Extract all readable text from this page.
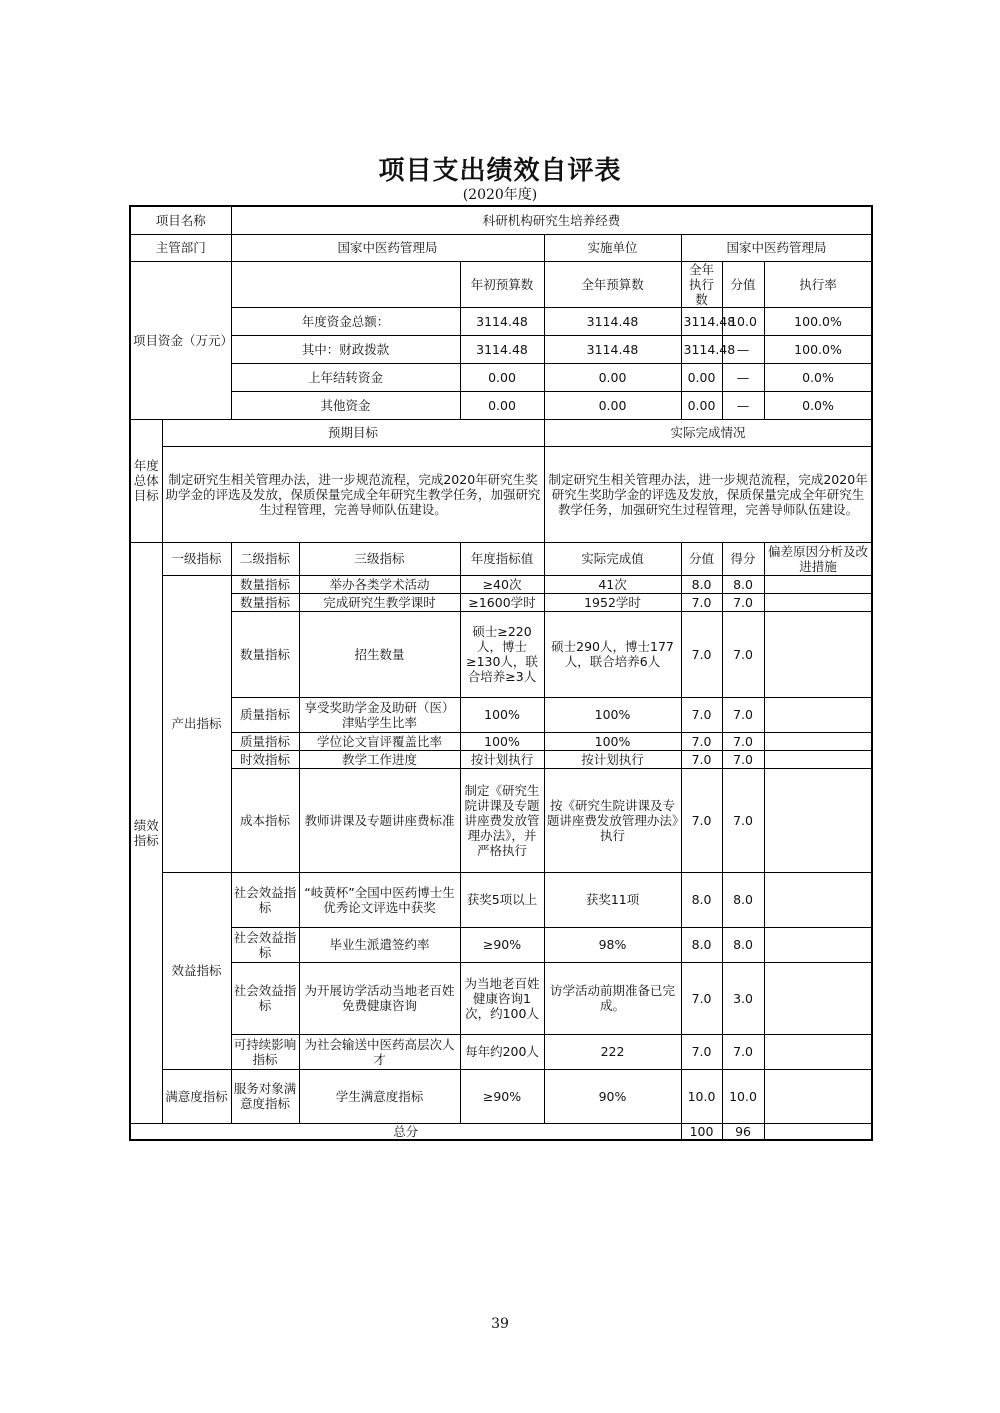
项目支出绩效自评表
(2020年度)
项目名称		科研机构研究生培养经费							
主管部门		国家中医药管理局			实施单位	国家中医药管理局			
项目资金（万元）				年初预算数	全年预算数	全年执行数	分值	执行率	
		年度资金总额：		3114.48	3114.48	3114.48	10.0	100.0%	
		其中：财政拨款		3114.48	3114.48	3114.48	—	100.0%	
		上年结转资金		0.00	0.00	0.00	—	0.0%	
		其他资金		0.00	0.00	0.00	—	0.0%	
年度总体目标	预期目标				实际完成情况				
	制定研究生相关管理办法，进一步规范流程，完成2020年研究生奖助学金的评选及发放，保质保量完成全年研究生教学任务，加强研究生过程管理，完善导师队伍建设。				制定研究生相关管理办法，进一步规范流程，完成2020年研究生奖助学金的评选及发放，保质保量完成全年研究生教学任务，加强研究生过程管理，完善导师队伍建设。				
绩效指标	一级指标	二级指标	三级指标	年度指标值	实际完成值	分值	得分	偏差原因分析及改进措施	
	产出指标	数量指标	举办各类学术活动	≥40次	41次	8.0	8.0		
		数量指标	完成研究生教学课时	≥1600学时	1952学时	7.0	7.0		
		数量指标	招生数量	硕士≥220人，博士≥130人，联合培养≥3人	硕士290人，博士177人，联合培养6人	7.0	7.0		
		质量指标	享受奖助学金及助研（医）津贴学生比率	100%	100%	7.0	7.0		
		质量指标	学位论文盲评覆盖比率	100%	100%	7.0	7.0		
		时效指标	教学工作进度	按计划执行	按计划执行	7.0	7.0		
		成本指标	教师讲课及专题讲座费标准	制定《研究生院讲课及专题讲座费发放管理办法》，并严格执行	按《研究生院讲课及专题讲座费发放管理办法》执行	7.0	7.0		
	效益指标	社会效益指标	“岐黄杯”全国中医药博士生优秀论文评选中获奖	获奖5项以上	获奖11项	8.0	8.0		
		社会效益指标	毕业生派遣签约率	≥90%	98%	8.0	8.0		
		社会效益指标	为开展访学活动当地老百姓免费健康咨询	为当地老百姓健康咨询1次，约100人	访学活动前期准备已完成。	7.0	3.0		
		可持续影响指标	为社会输送中医药高层次人才	每年约200人	222	7.0	7.0		
	满意度指标	服务对象满意度指标	学生满意度指标	≥90%	90%	10.0	10.0		
总分						100	96		
39
